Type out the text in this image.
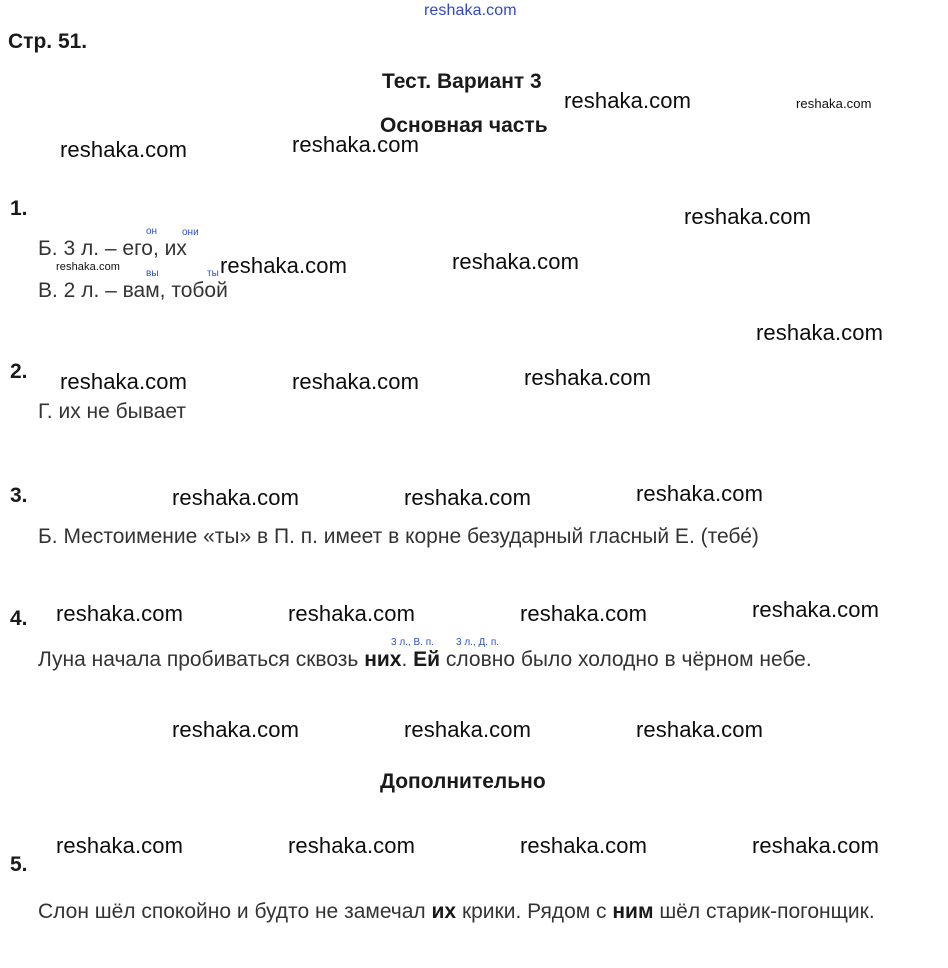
reshaka.com
Стр. 51.
Тест. Вариант 3
Основная часть
1.
Б. 3 л. – его, их
он они
вы	ты
В. 2 л. – вам, тобой
2.
Г. их не бывает
3.
Б. Местоимение «ты» в П. п. имеет в корне безударный гласный Е. (тебе́)
4.
3 л., В. п. 3 л., Д. п.
Луна начала пробиваться сквозь них. Ей словно было холодно в чёрном небе.
Дополнительно
5.
Слон шёл спокойно и будто не замечал их крики. Рядом с ним шёл старик-погонщик.
reshaka.com	reshaka.com
reshaka.com	reshaka.com
reshaka.com
reshaka.com	reshaka.com	reshaka.com
reshaka.com
reshaka.com	reshaka.com	reshaka.com
reshaka.com	reshaka.com	reshaka.com
reshaka.com	reshaka.com	reshaka.com	reshaka.com
reshaka.com	reshaka.com	reshaka.com
reshaka.com	reshaka.com	reshaka.com	reshaka.com
